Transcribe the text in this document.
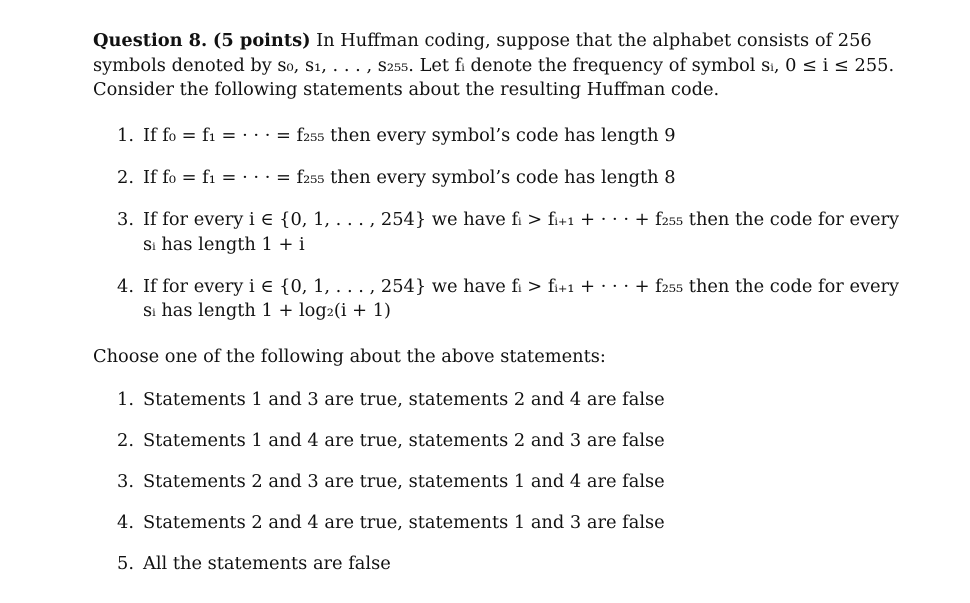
Question 8. (5 points) In Huffman coding, suppose that the alphabet consists of 256
symbols denoted by s₀, s₁, . . . , s₂₅₅. Let fᵢ denote the frequency of symbol sᵢ, 0 ≤ i ≤ 255.
Consider the following statements about the resulting Huffman code.
1. If f₀ = f₁ = · · · = f₂₅₅ then every symbol’s code has length 9
2. If f₀ = f₁ = · · · = f₂₅₅ then every symbol’s code has length 8
3. If for every i ∈ {0, 1, . . . , 254} we have fᵢ > fᵢ₊₁ + · · · + f₂₅₅ then the code for every
sᵢ has length 1 + i
4. If for every i ∈ {0, 1, . . . , 254} we have fᵢ > fᵢ₊₁ + · · · + f₂₅₅ then the code for every
sᵢ has length 1 + log₂(i + 1)
Choose one of the following about the above statements:
1. Statements 1 and 3 are true, statements 2 and 4 are false
2. Statements 1 and 4 are true, statements 2 and 3 are false
3. Statements 2 and 3 are true, statements 1 and 4 are false
4. Statements 2 and 4 are true, statements 1 and 3 are false
5. All the statements are false
